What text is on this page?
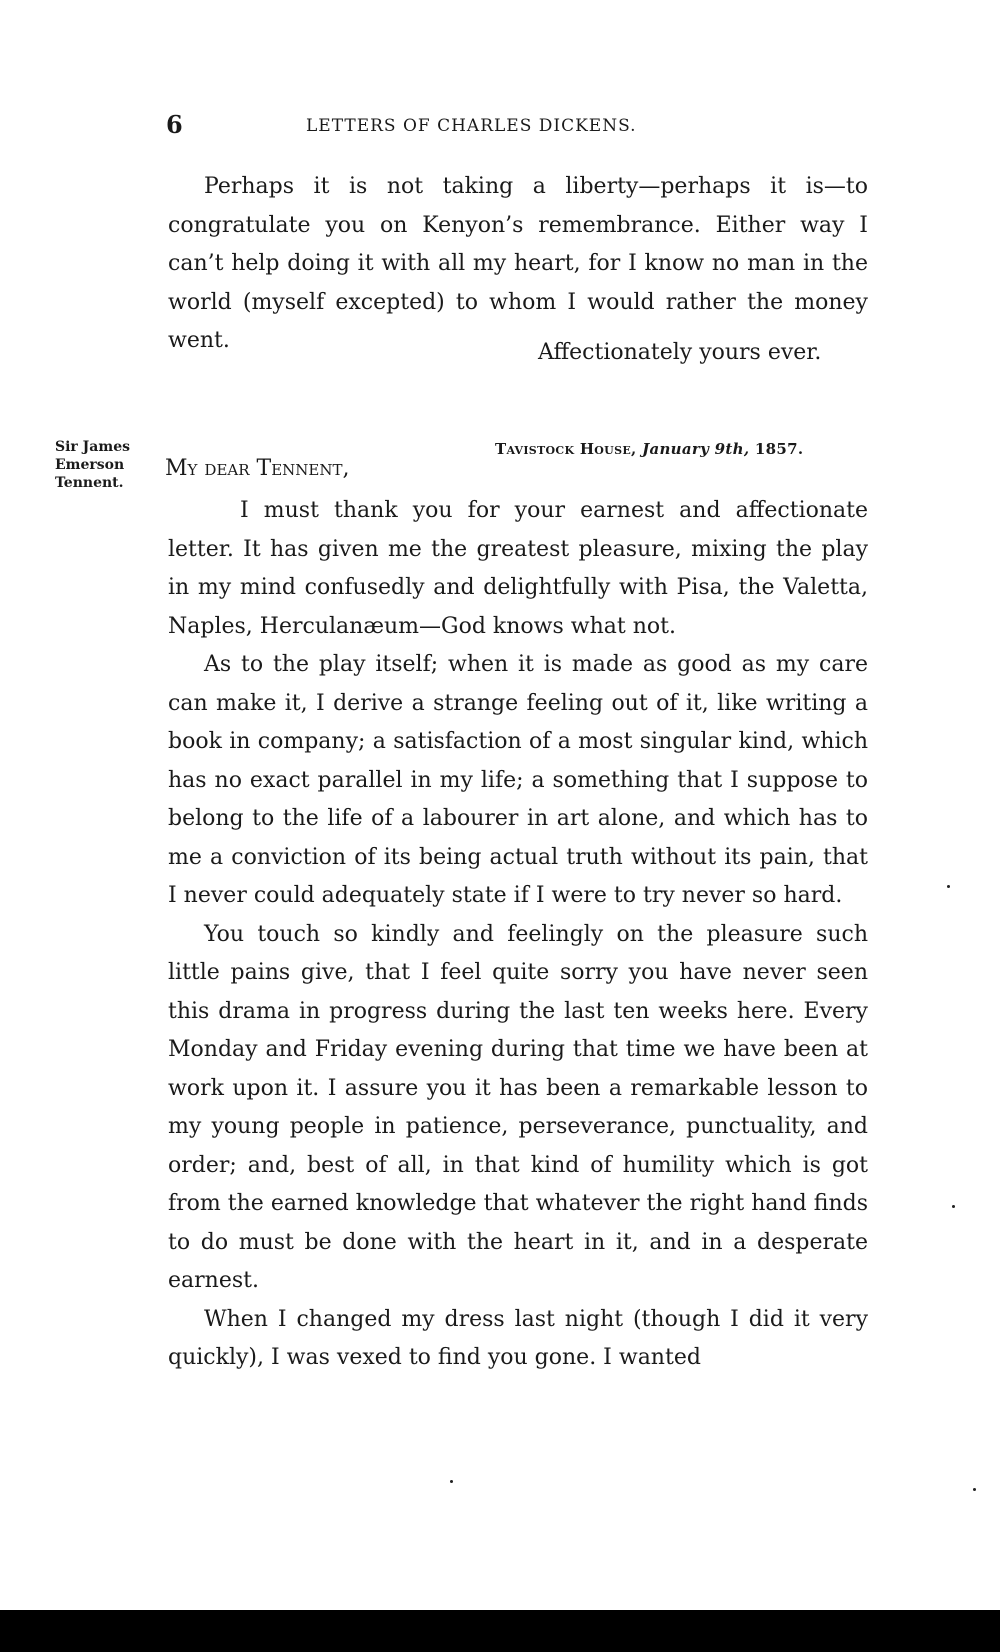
6	LETTERS OF CHARLES DICKENS.

Perhaps it is not taking a liberty—perhaps it is—to congratulate you on Kenyon’s remembrance. Either way I can’t help doing it with all my heart, for I know no man in the world (myself excepted) to whom I would rather the money went.	Affectionately yours ever.
Sir James
Emerson
Tennent.
Tavistock House, January 9th, 1857.
My dear Tennent,

I must thank you for your earnest and affectionate letter. It has given me the greatest pleasure, mixing the play in my mind confusedly and delightfully with Pisa, the Valetta, Naples, Herculanæum—God knows what not.

As to the play itself; when it is made as good as my care can make it, I derive a strange feeling out of it, like writing a book in company; a satisfaction of a most singular kind, which has no exact parallel in my life; a something that I suppose to belong to the life of a labourer in art alone, and which has to me a conviction of its being actual truth without its pain, that I never could adequately state if I were to try never so hard.

You touch so kindly and feelingly on the pleasure such little pains give, that I feel quite sorry you have never seen this drama in progress during the last ten weeks here. Every Monday and Friday evening during that time we have been at work upon it. I assure you it has been a remarkable lesson to my young people in patience, perseverance, punctuality, and order; and, best of all, in that kind of humility which is got from the earned knowledge that whatever the right hand finds to do must be done with the heart in it, and in a desperate earnest.

When I changed my dress last night (though I did it very quickly), I was vexed to find you gone. I wanted
